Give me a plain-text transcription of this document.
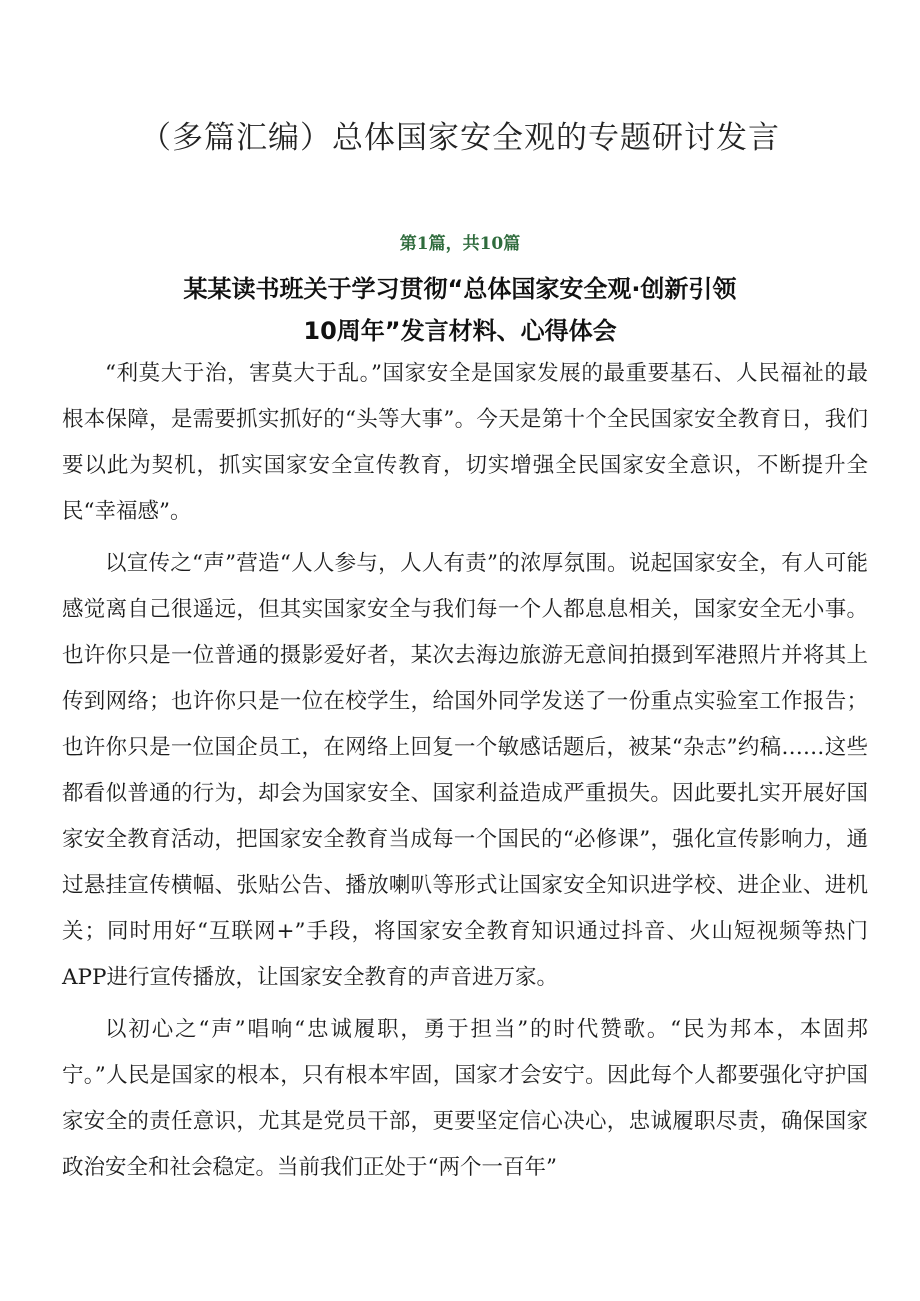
（多篇汇编）总体国家安全观的专题研讨发言

第1篇，共10篇

某某读书班关于学习贯彻“总体国家安全观·创新引领
10周年”发言材料、心得体会

“利莫大于治，害莫大于乱。”国家安全是国家发展的最重要基石、人民福祉的最根本保障，是需要抓实抓好的“头等大事”。今天是第十个全民国家安全教育日，我们要以此为契机，抓实国家安全宣传教育，切实增强全民国家安全意识，不断提升全民“幸福感”。

以宣传之“声”营造“人人参与，人人有责”的浓厚氛围。说起国家安全，有人可能感觉离自己很遥远，但其实国家安全与我们每一个人都息息相关，国家安全无小事。也许你只是一位普通的摄影爱好者，某次去海边旅游无意间拍摄到军港照片并将其上传到网络；也许你只是一位在校学生，给国外同学发送了一份重点实验室工作报告；也许你只是一位国企员工，在网络上回复一个敏感话题后，被某“杂志”约稿……这些都看似普通的行为，却会为国家安全、国家利益造成严重损失。因此要扎实开展好国家安全教育活动，把国家安全教育当成每一个国民的“必修课”，强化宣传影响力，通过悬挂宣传横幅、张贴公告、播放喇叭等形式让国家安全知识进学校、进企业、进机关；同时用好“互联网+”手段，将国家安全教育知识通过抖音、火山短视频等热门APP进行宣传播放，让国家安全教育的声音进万家。

以初心之“声”唱响“忠诚履职，勇于担当”的时代赞歌。“民为邦本，本固邦宁。”人民是国家的根本，只有根本牢固，国家才会安宁。因此每个人都要强化守护国家安全的责任意识，尤其是党员干部，更要坚定信心决心，忠诚履职尽责，确保国家政治安全和社会稳定。当前我们正处于“两个一百年”
